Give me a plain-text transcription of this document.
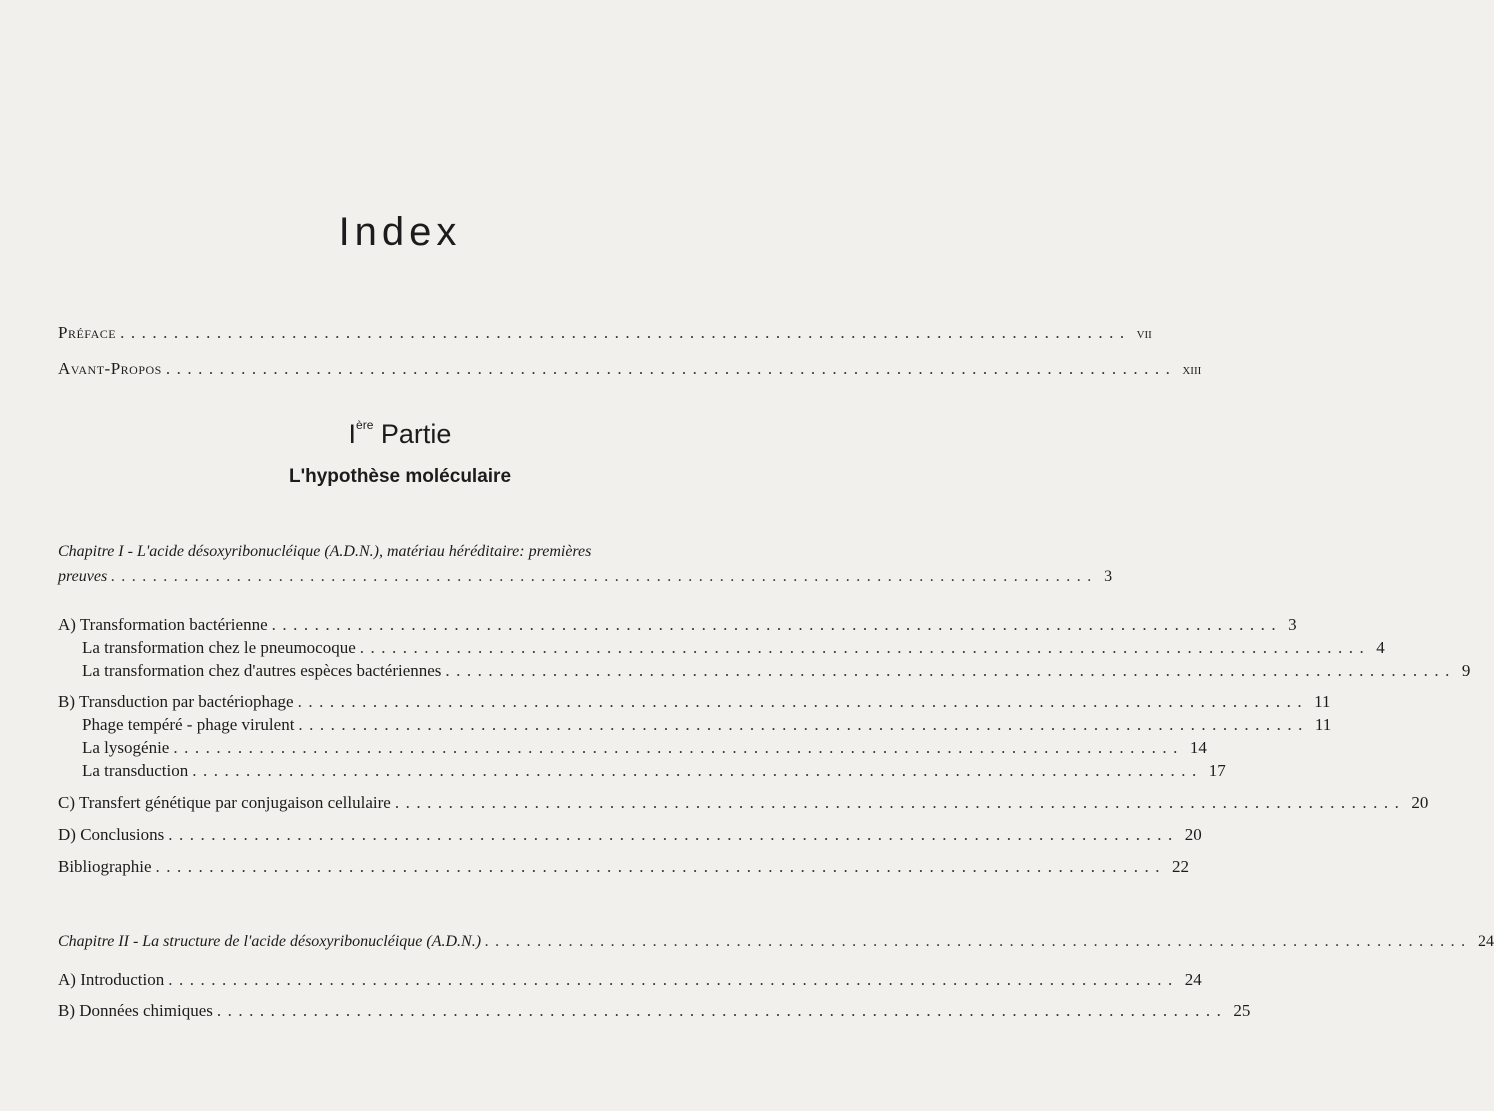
Index
Préface .............................................................................................. vii
Avant-Propos .............................................................................................. xiii
Ière Partie
L'hypothèse moléculaire
Chapitre I - L'acide désoxyribonucléique (A.D.N.), matériau héréditaire: premières
preuves .............................................................................................. 3
A) Transformation bactérienne .............................................................................................. 3
La transformation chez le pneumocoque .............................................................................................. 4
La transformation chez d'autres espèces bactériennes .............................................................................................. 9
B) Transduction par bactériophage .............................................................................................. 11
Phage tempéré - phage virulent .............................................................................................. 11
La lysogénie .............................................................................................. 14
La transduction .............................................................................................. 17
C) Transfert génétique par conjugaison cellulaire .............................................................................................. 20
D) Conclusions .............................................................................................. 20
Bibliographie .............................................................................................. 22
Chapitre II - La structure de l'acide désoxyribonucléique (A.D.N.) .............................................................................................. 24
A) Introduction .............................................................................................. 24
B) Données chimiques .............................................................................................. 25
